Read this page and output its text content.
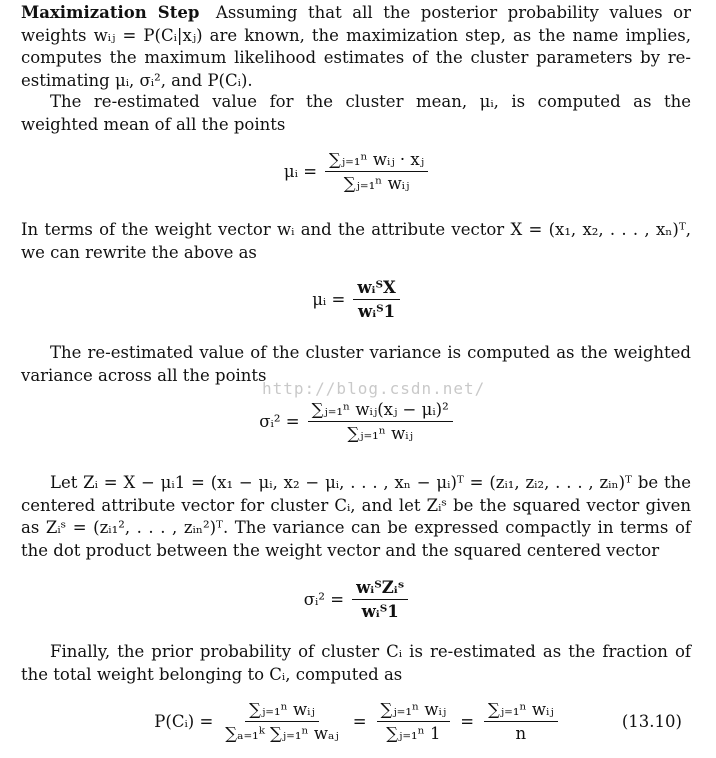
Maximization Step Assuming that all the posterior probability values or weights wᵢⱼ = P(Cᵢ|xⱼ) are known, the maximization step, as the name implies, computes the maximum likelihood estimates of the cluster parameters by re-estimating μᵢ, σᵢ², and P(Cᵢ).
The re-estimated value for the cluster mean, μᵢ, is computed as the weighted mean of all the points
μᵢ = $\frac{\text{∑ⱼ₌₁ⁿ wᵢⱼ · xⱼ}}{\text{∑ⱼ₌₁ⁿ wᵢⱼ}}$
In terms of the weight vector wᵢ and the attribute vector X = (x₁, x₂, . . . , xₙ)ᵀ, we can rewrite the above as
μᵢ = $\frac{\text{wᵢᵀX}}{\text{wᵢᵀ1}}$
The re-estimated value of the cluster variance is computed as the weighted variance across all the points
http://blog.csdn.net/
σᵢ² = $\frac{\text{∑ⱼ₌₁ⁿ wᵢⱼ(xⱼ − μᵢ)²}}{\text{∑ⱼ₌₁ⁿ wᵢⱼ}}$
Let Zᵢ = X − μᵢ1 = (x₁ − μᵢ, x₂ − μᵢ, . . . , xₙ − μᵢ)ᵀ = (zᵢ₁, zᵢ₂, . . . , zᵢₙ)ᵀ be the centered attribute vector for cluster Cᵢ, and let Zᵢˢ be the squared vector given as Zᵢˢ = (zᵢ₁², . . . , zᵢₙ²)ᵀ. The variance can be expressed compactly in terms of the dot product between the weight vector and the squared centered vector
σᵢ² = $\frac{\text{wᵢᵀZᵢˢ}}{\text{wᵢᵀ1}}$
Finally, the prior probability of cluster Cᵢ is re-estimated as the fraction of the total weight belonging to Cᵢ, computed as
P(Cᵢ) = $\frac{\text{∑ⱼ₌₁ⁿ wᵢⱼ}}{\text{∑ₐ₌₁ᵏ ∑ⱼ₌₁ⁿ wₐⱼ}} = \frac{\text{∑ⱼ₌₁ⁿ wᵢⱼ}}{\text{∑ⱼ₌₁ⁿ 1}} = \frac{\text{∑ⱼ₌₁ⁿ wᵢⱼ}}{n}$	(13.10)
